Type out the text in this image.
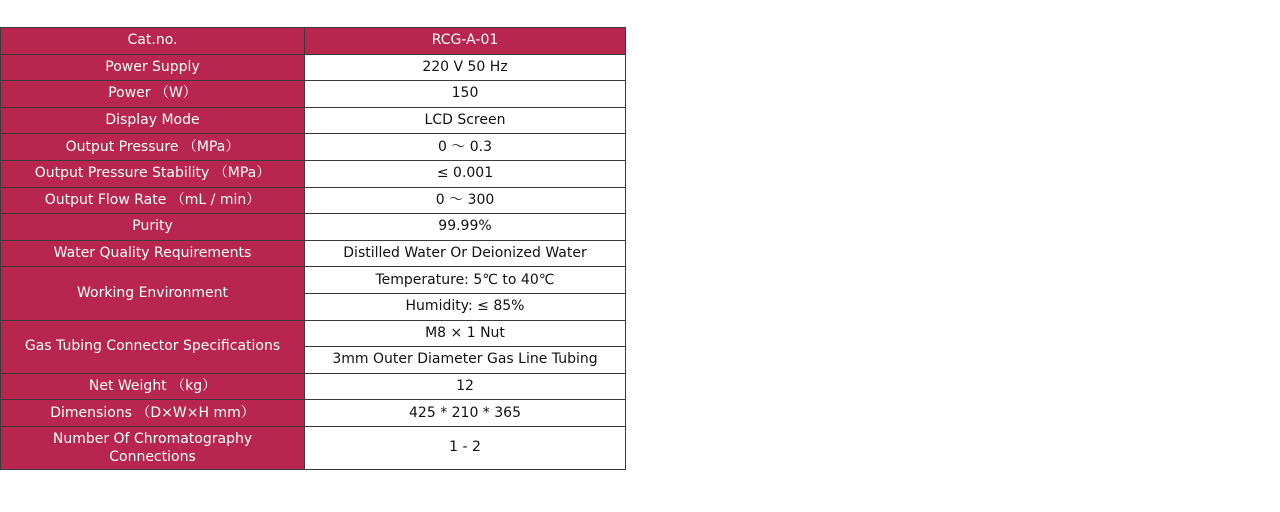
Cat.no.	RCG-A-01
Power Supply	220 V 50 Hz
Power （W）	150
Display Mode	LCD Screen
Output Pressure （MPa）	0 ～ 0.3
Output Pressure Stability （MPa）	≤ 0.001
Output Flow Rate （mL / min）	0 ～ 300
Purity	99.99%
Water Quality Requirements	Distilled Water Or Deionized Water
Working Environment	Temperature: 5℃ to 40℃
	Humidity: ≤ 85%
Gas Tubing Connector Specifications	M8 × 1 Nut
	3mm Outer Diameter Gas Line Tubing
Net Weight （kg）	12
Dimensions （D×W×H mm）	425 * 210 * 365
Number Of Chromatography Connections	1 - 2
